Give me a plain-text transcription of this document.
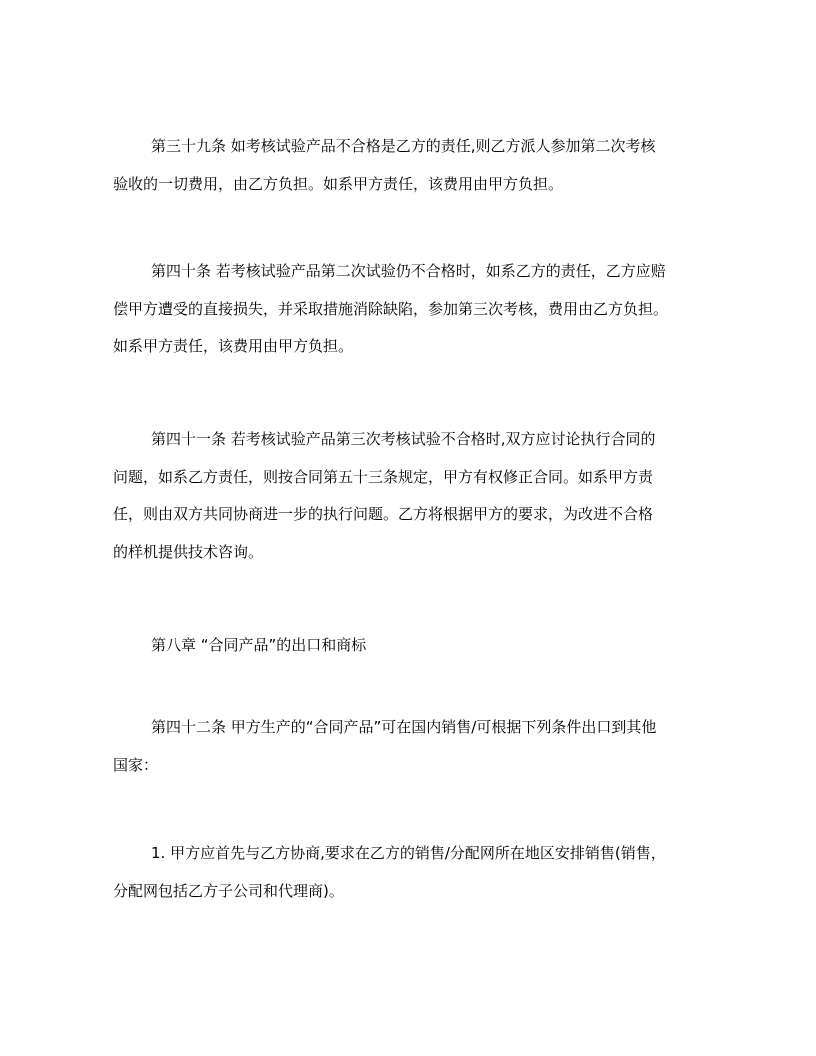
第三十九条 如考核试验产品不合格是乙方的责任,则乙方派人参加第二次考核
验收的一切费用，由乙方负担。如系甲方责任，该费用由甲方负担。
第四十条 若考核试验产品第二次试验仍不合格时，如系乙方的责任，乙方应赔
偿甲方遭受的直接损失，并采取措施消除缺陷，参加第三次考核，费用由乙方负担。
如系甲方责任，该费用由甲方负担。
第四十一条 若考核试验产品第三次考核试验不合格时,双方应讨论执行合同的
问题，如系乙方责任，则按合同第五十三条规定，甲方有权修正合同。如系甲方责
任，则由双方共同协商进一步的执行问题。乙方将根据甲方的要求，为改进不合格
的样机提供技术咨询。
第八章 “合同产品”的出口和商标
第四十二条 甲方生产的“合同产品”可在国内销售/可根据下列条件出口到其他
国家：
1. 甲方应首先与乙方协商,要求在乙方的销售/分配网所在地区安排销售(销售，
分配网包括乙方子公司和代理商)。
